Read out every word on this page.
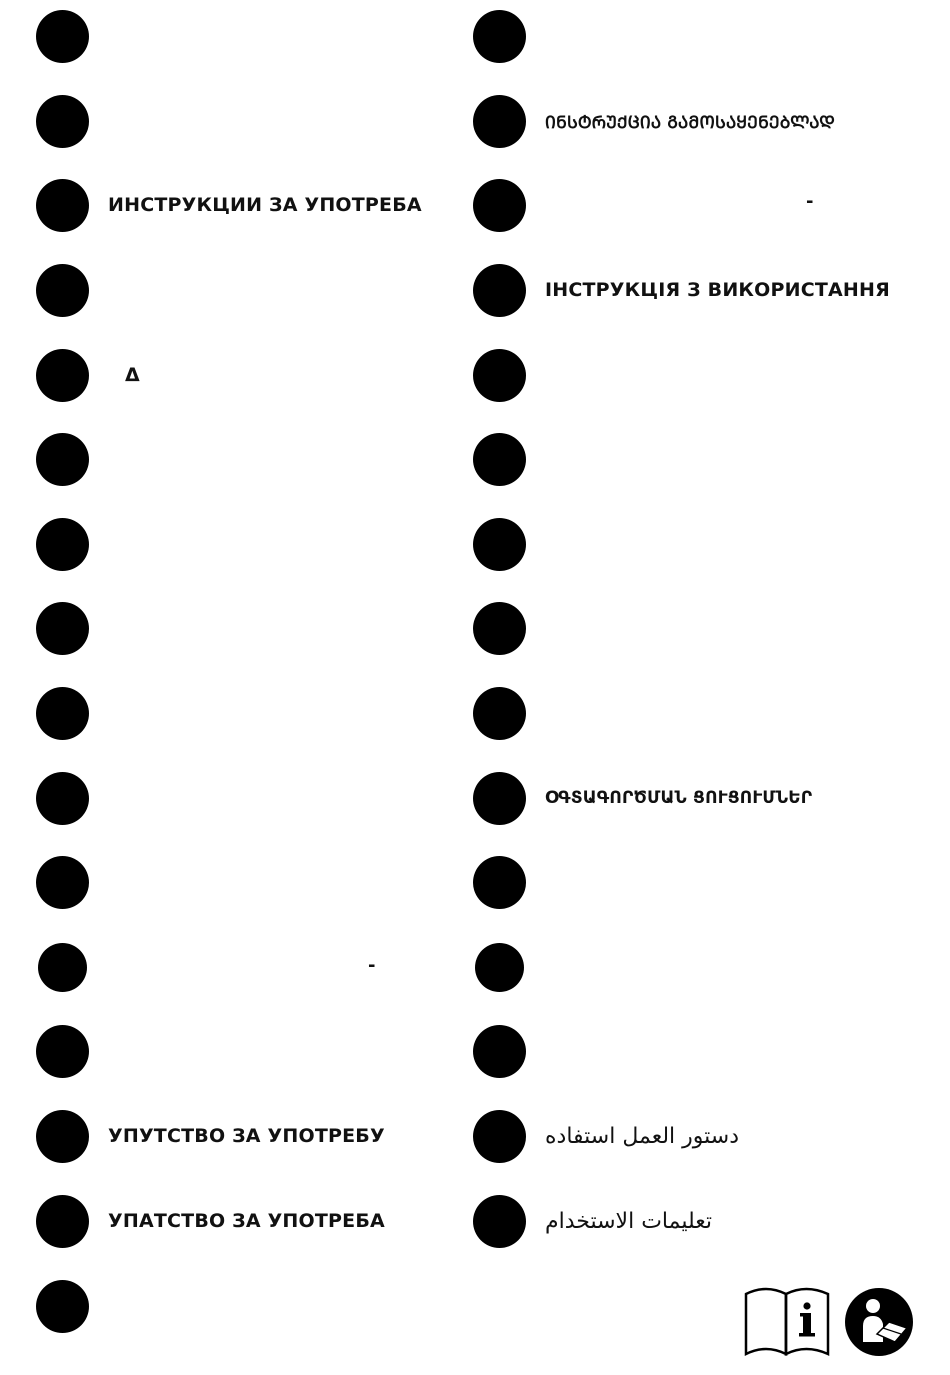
ИНСТРУКЦИИ ЗА УПОТРЕБА
Δ
-
УПУТСТВО ЗА УПОТРЕБУ
УПАТСТВО ЗА УПОТРЕБА
ᲘᲜᲡᲢᲠᲣᲥᲪᲘᲐ ᲒᲐᲛᲝᲡᲐᲧᲔᲜᲔᲑᲚᲐᲓ
-
ІНСТРУКЦІЯ З ВИКОРИСТАННЯ
ՕԳՏԱԳՈՐԾՄԱՆ ՑՈՒՑՈՒՄՆԵՐ
دستور العمل استفاده
تعليمات الاستخدام
